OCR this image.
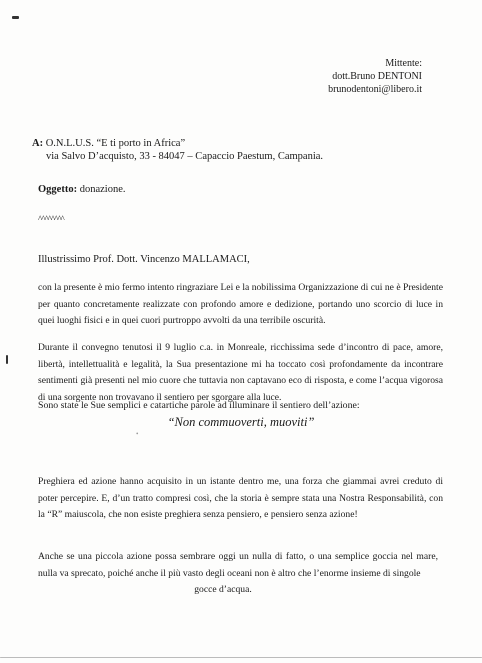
•
Mittente:
dott.Bruno DENTONI
brunodentoni@libero.it
A: O.N.L.U.S. “E ti porto in Africa”
via Salvo D’acquisto, 33 - 84047 – Capaccio Paestum, Campania.
Oggetto: donazione.
^^^^^^^^
Illustrissimo Prof. Dott. Vincenzo MALLAMACI,
con la presente è mio fermo intento ringraziare Lei e la nobilissima Organizzazione di cui ne è Presidente per quanto concretamente realizzate con profondo amore e dedizione, portando uno scorcio di luce in quei luoghi fisici e in quei cuori purtroppo avvolti da una terribile oscurità.
Durante il convegno tenutosi il 9 luglio c.a. in Monreale, ricchissima sede d’incontro di pace, amore, libertà, intellettualità e legalità, la Sua presentazione mi ha toccato così profondamente da incontrare sentimenti già presenti nel mio cuore che tuttavia non captavano eco di risposta, e come l’acqua vigorosa di una sorgente non trovavano il sentiero per sgorgare alla luce.
Sono state le Sue semplici e catartiche parole ad illuminare il sentiero dell’azione:
“Non commuoverti, muoviti”
Preghiera ed azione hanno acquisito in un istante dentro me, una forza che giammai avrei creduto di poter percepire. E, d’un tratto compresi così, che la storia è sempre stata una Nostra Responsabilità, con la “R” maiuscola, che non esiste preghiera senza pensiero, e pensiero senza azione!
Anche se una piccola azione possa sembrare oggi un nulla di fatto, o una semplice goccia nel mare, nulla va sprecato, poiché anche il più vasto degli oceani non è altro che l’enorme insieme di singole
gocce d’acqua.
